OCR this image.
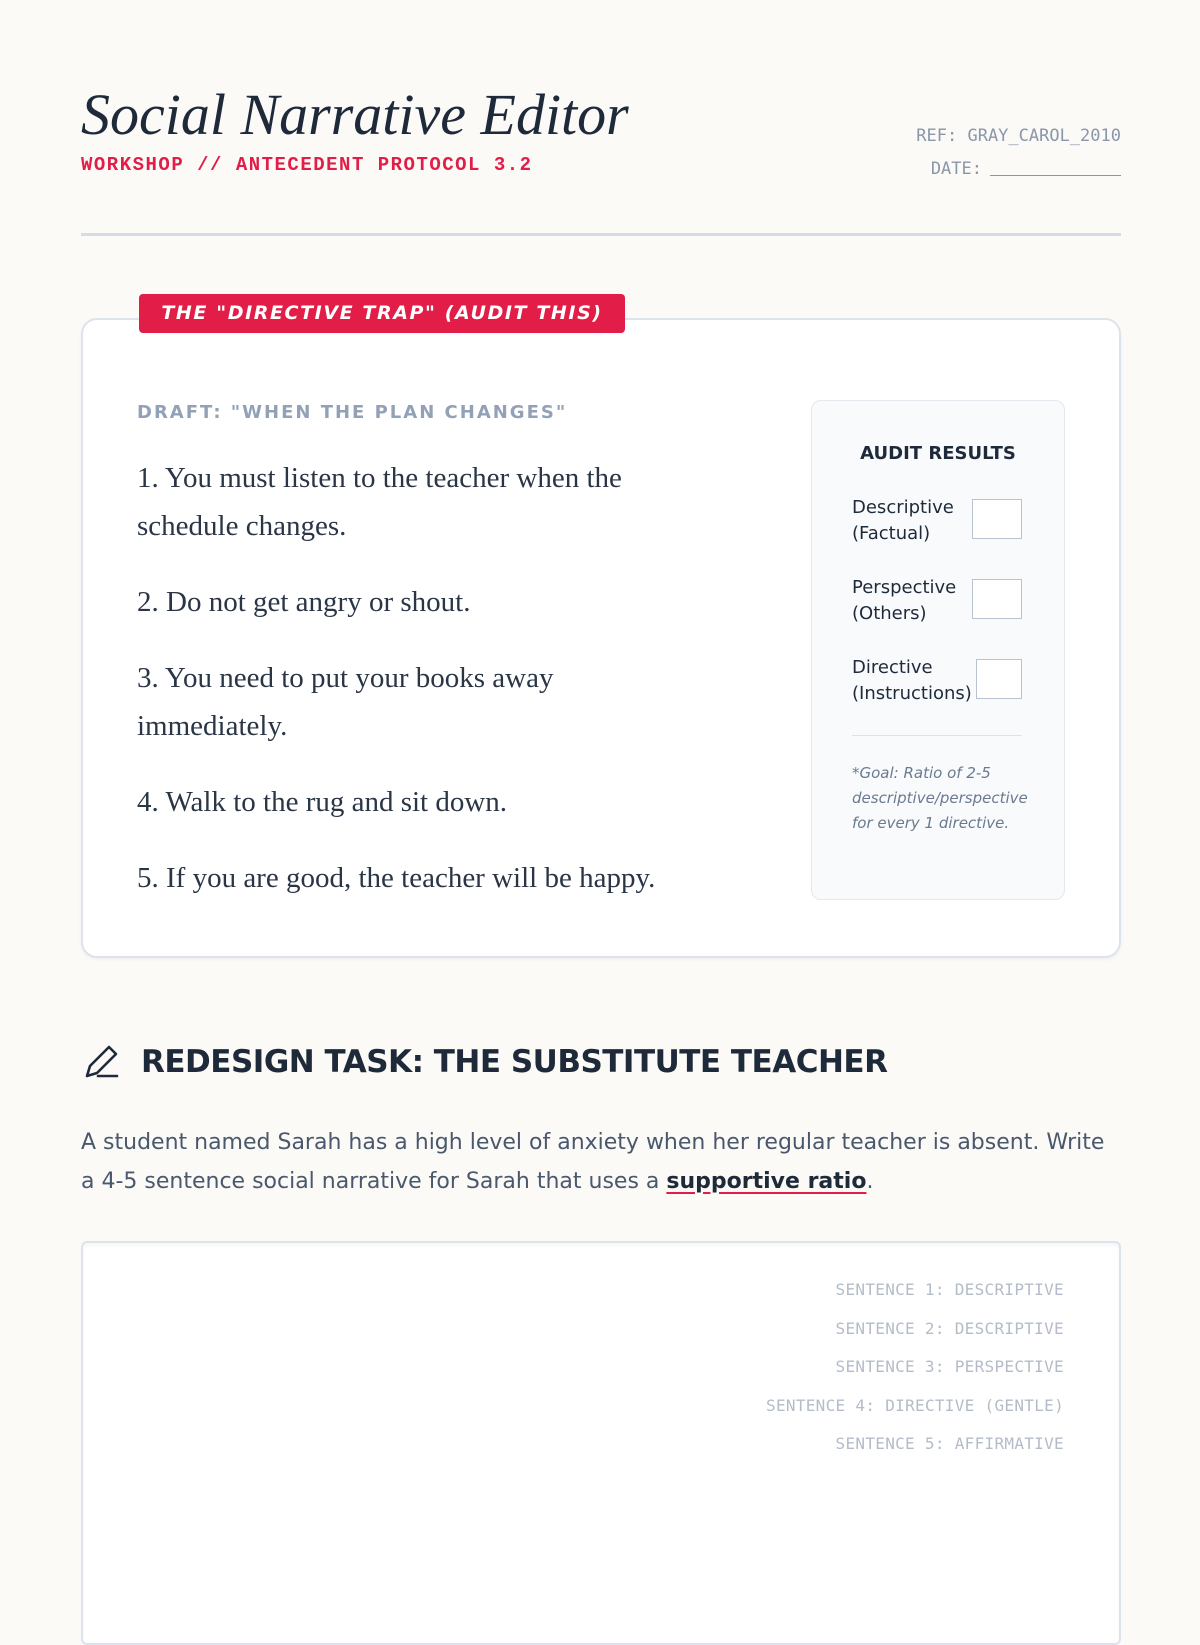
Social Narrative Editor
WORKSHOP // ANTECEDENT PROTOCOL 3.2
REF: GRAY_CAROL_2010
DATE:
THE "DIRECTIVE TRAP" (AUDIT THIS)
DRAFT: "WHEN THE PLAN CHANGES"
1. You must listen to the teacher when the schedule changes.
2. Do not get angry or shout.
3. You need to put your books away immediately.
4. Walk to the rug and sit down.
5. If you are good, the teacher will be happy.
AUDIT RESULTS
Descriptive
(Factual)
Perspective
(Others)
Directive
(Instructions)
*Goal: Ratio of 2-5 descriptive/perspective for every 1 directive.
REDESIGN TASK: THE SUBSTITUTE TEACHER
A student named Sarah has a high level of anxiety when her regular teacher is absent. Write a 4-5 sentence social narrative for Sarah that uses a supportive ratio.
SENTENCE 1: DESCRIPTIVE
SENTENCE 2: DESCRIPTIVE
SENTENCE 3: PERSPECTIVE
SENTENCE 4: DIRECTIVE (GENTLE)
SENTENCE 5: AFFIRMATIVE
